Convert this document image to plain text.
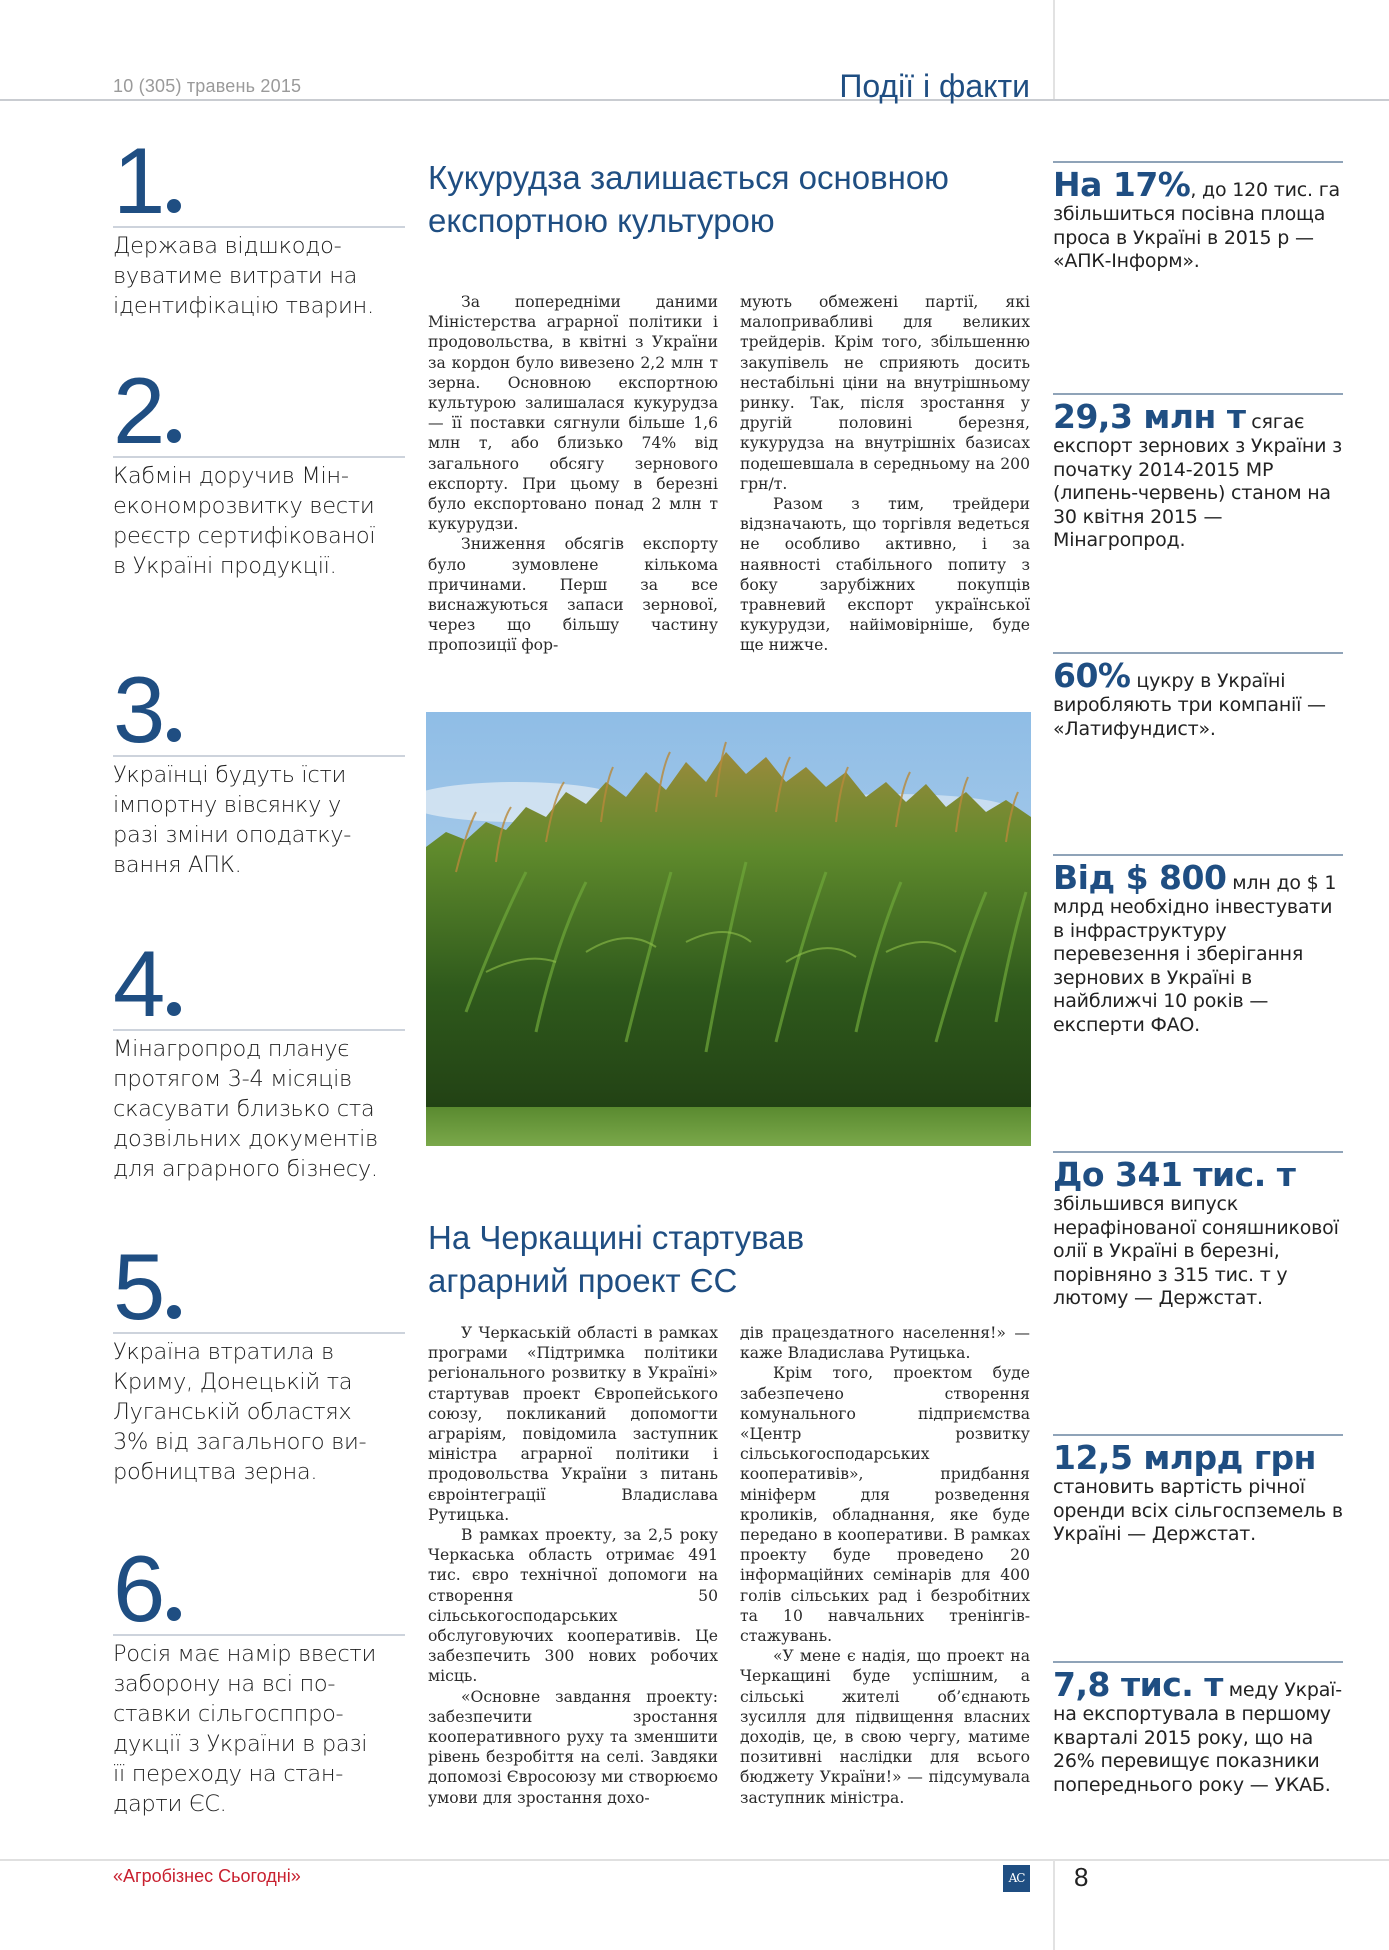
10 (305) травень 2015	Події і факти
1
Держава відшкодо-
вуватиме витрати на
ідентифікацію тварин.
2
Кабмін доручив Мін-
економрозвитку вести
реєстр сертифікованої
в Україні продукції.
3
Українці будуть їсти
імпортну вівсянку у
разі зміни оподатку-
вання АПК.
4
Мінагропрод планує
протягом 3-4 місяців
скасувати близько ста
дозвільних документів
для аграрного бізнесу.
5
Україна втратила в
Криму, Донецькій та
Луганській областях
3% від загального ви-
робництва зерна.
6
Росія має намір ввести
заборону на всі по-
ставки сільгосппро-
дукції з України в разі
її переходу на стан-
дарти ЄС.
Кукурудза залишається основною
експортною культурою

За попередніми даними Міністерства аграрної політики і продовольства, в квітні з України за кордон було вивезено 2,2 млн т зерна. Основною експортною культурою залишалася кукурудза — її поставки сягнули більше 1,6 млн т, або близько 74% від загального обсягу зернового експорту. При цьому в березні було експортовано понад 2 млн т кукурудзи.

Зниження обсягів експорту було зумовлене кількома причинами. Перш за все виснажуються запаси зернової, через що більшу частину пропозиції фор-

мують обмежені партії, які малопривабливі для великих трейдерів. Крім того, збільшенню закупівель не сприяють досить нестабільні ціни на внутрішньому ринку. Так, після зростання у другій половині березня, кукурудза на внутрішніх базисах подешевшала в середньому на 200 грн/т.

Разом з тим, трейдери відзначають, що торгівля ведеться не особливо активно, і за наявності стабільного попиту з боку зарубіжних покупців травневий експорт української кукурудзи, найімовірніше, буде ще нижче.

На Черкащині стартував
аграрний проект ЄС

У Черкаській області в рамках програми «Підтримка політики регіонального розвитку в Україні» стартував проект Європейського союзу, покликаний допомогти аграріям, повідомила заступник міністра аграрної політики і продовольства України з питань євроінтеграції Владислава Рутицька.

В рамках проекту, за 2,5 року Черкаська область отримає 491 тис. євро технічної допомоги на створення 50 сільськогосподарських обслуговуючих кооперативів. Це забезпечить 300 нових робочих місць.

«Основне завдання проекту: забезпечити зростання кооперативного руху та зменшити рівень безробіття на селі. Завдяки допомозі Євросоюзу ми створюємо умови для зростання дохо-

дів працездатного населення!» — каже Владислава Рутицька.

Крім того, проектом буде забезпечено створення комунального підприємства «Центр розвитку сільськогосподарських кооперативів», придбання мініферм для розведення кроликів, обладнання, яке буде передано в кооперативи. В рамках проекту буде проведено 20 інформаційних семінарів для 400 голів сільських рад і безробітних та 10 навчальних тренінгів-стажувань.

«У мене є надія, що проект на Черкащині буде успішним, а сільські жителі об’єднають зусилля для підвищення власних доходів, це, в свою чергу, матиме позитивні наслідки для всього бюджету України!» — підсумувала заступник міністра.

На 17%, до 120 тис. га збільшиться посівна площа проса в Україні в 2015 р — «АПК-Інформ».
29,3 млн т сягає експорт зернових з України з початку 2014-2015 МР (липень-червень) станом на 30 квітня 2015 — Мінагропрод.
60% цукру в Україні виробляють три компанії — «Латифундист».
Від $ 800 млн до $ 1 млрд необхідно інвестувати в інфраструктуру перевезення і зберігання зернових в Україні в найближчі 10 років — експерти ФАО.
До 341 тис. т
збільшився випуск нерафінованої соняшникової олії в Україні в березні, порівняно з 315 тис. т у лютому — Держстат.
12,5 млрд грн
становить вартість річної оренди всіх сільгоспземель в Україні — Держстат.
7,8 тис. т меду Украї- на експортувала в першому кварталі 2015 року, що на 26% перевищує показники попереднього року — УКАБ.
«Агробізнес Сьогодні»	AC 8
